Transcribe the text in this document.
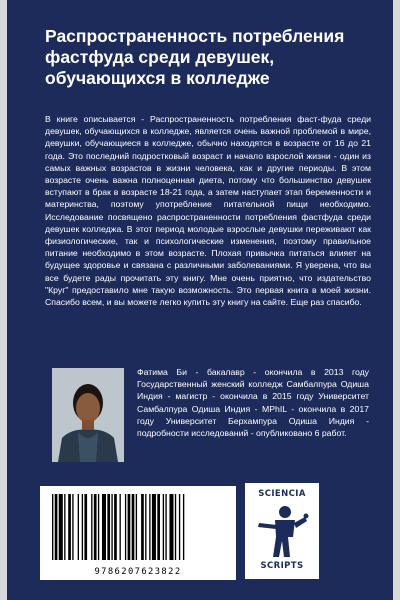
Распространенность потребления фастфуда среди девушек, обучающихся в колледже

В книге описывается - Распространенность потребления фаст-фуда среди девушек, обучающихся в колледже, является очень важной проблемой в мире, девушки, обучающиеся в колледже, обычно находятся в возрасте от 16 до 21 года. Это последний подростковый возраст и начало взрослой жизни - один из самых важных возрастов в жизни человека, как и другие периоды. В этом возрасте очень важна полноценная диета, потому что большинство девушек вступают в брак в возрасте 18-21 года, а затем наступает этап беременности и материнства, поэтому употребление питательной пищи необходимо. Исследование посвящено распространенности потребления фастфуда среди девушек колледжа. В этот период молодые взрослые девушки переживают как физиологические, так и психологические изменения, поэтому правильное питание необходимо в этом возрасте. Плохая привычка питаться влияет на будущее здоровье и связана с различными заболеваниями. Я уверена, что вы все будете рады прочитать эту книгу. Мне очень приятно, что издательство "Круг" предоставило мне такую возможность. Это первая книга в моей жизни. Спасибо всем, и вы можете легко купить эту книгу на сайте. Еще раз спасибо.

Фатима Би - бакалавр - окончила в 2013 году Государственный женский колледж Самбалпура Одиша Индия - магистр - окончила в 2015 году Университет Самбалпура Одиша Индия - MPhIL - окончила в 2017 году Университет Берхампура Одиша Индия - подробности исследований - опубликовано 6 работ.

9786207623822
SCIENCIA
SCRIPTS
